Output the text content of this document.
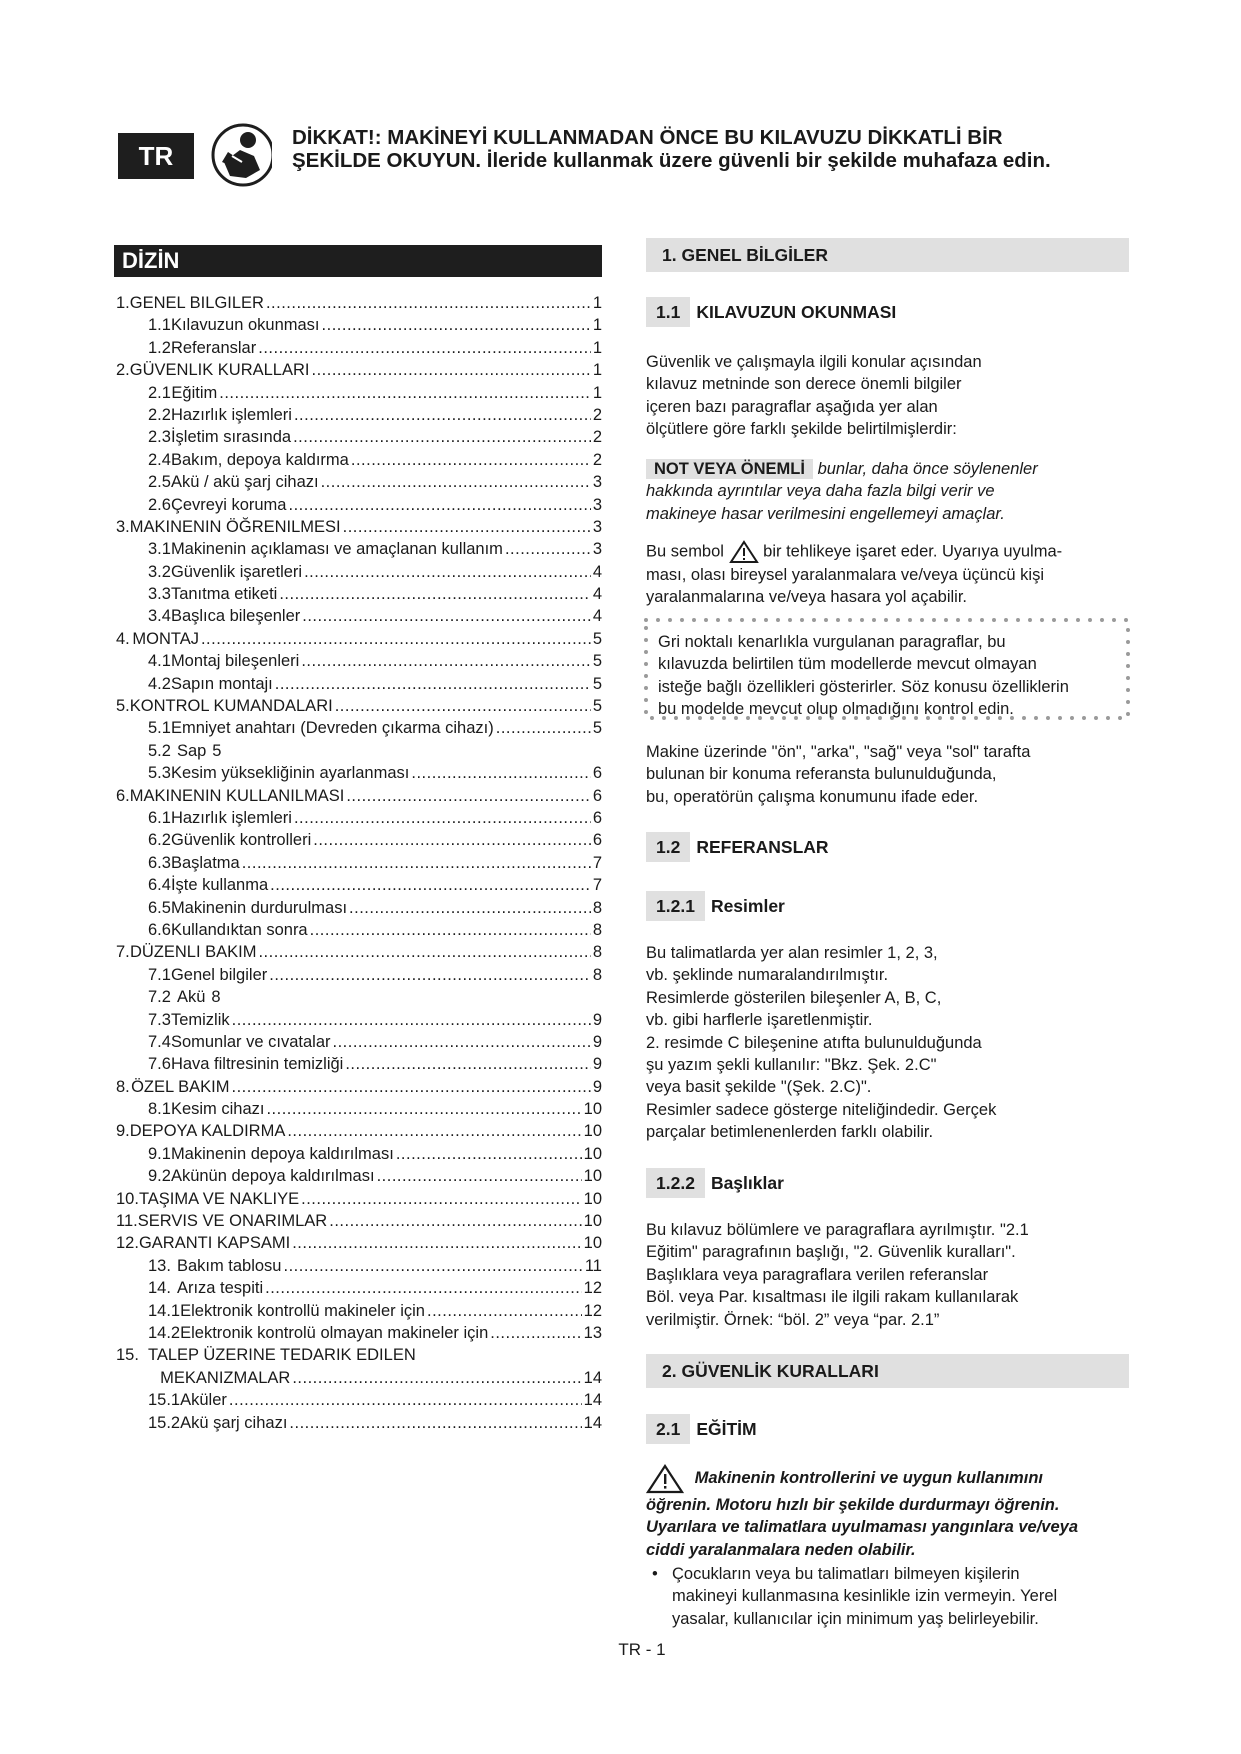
TR
DİKKAT!: MAKİNEYİ KULLANMADAN ÖNCE BU KILAVUZU DİKKATLİ BİR
ŞEKİLDE OKUYUN. İleride kullanmak üzere güvenli bir şekilde muhafaza edin.
DİZİN
1. GENEL BILGILER .....	1
1.1 Kılavuzun okunması .....	1
1.2 Referanslar .....	1
2. GÜVENLIK KURALLARI .....	1
2.1 Eğitim .....	1
2.2 Hazırlık işlemleri .....	2
2.3 İşletim sırasında .....	2
2.4 Bakım, depoya kaldırma .....	2
2.5 Akü / akü şarj cihazı .....	3
2.6 Çevreyi koruma .....	3
3. MAKINENIN ÖĞRENILMESI .....	3
3.1 Makinenin açıklaması ve amaçlanan kullanım .....	3
3.2 Güvenlik işaretleri .....	4
3.3 Tanıtma etiketi .....	4
3.4 Başlıca bileşenler .....	4
4. MONTAJ .....	5
4.1 Montaj bileşenleri .....	5
4.2 Sapın montajı .....	5
5. KONTROL KUMANDALARI .....	5
5.1 Emniyet anahtarı (Devreden çıkarma cihazı) .....	5
5.2 Sap 5
5.3 Kesim yüksekliğinin ayarlanması .....	6
6. MAKINENIN KULLANILMASI .....	6
6.1 Hazırlık işlemleri .....	6
6.2 Güvenlik kontrolleri .....	6
6.3 Başlatma .....	7
6.4 İşte kullanma .....	7
6.5 Makinenin durdurulması .....	8
6.6 Kullandıktan sonra .....	8
7. DÜZENLI BAKIM .....	8
7.1 Genel bilgiler .....	8
7.2 Akü 8
7.3 Temizlik .....	9
7.4 Somunlar ve cıvatalar .....	9
7.6 Hava filtresinin temizliği .....	9
8. ÖZEL BAKIM .....	9
8.1 Kesim cihazı .....	10
9. DEPOYA KALDIRMA .....	10
9.1 Makinenin depoya kaldırılması .....	10
9.2 Akünün depoya kaldırılması .....	10
10. TAŞIMA VE NAKLIYE .....	10
11. SERVIS VE ONARIMLAR .....	10
12. GARANTI KAPSAMI .....	10
13. Bakım tablosu .....	11
14. Arıza tespiti .....	12
14.1 Elektronik kontrollü makineler için .....	12
14.2 Elektronik kontrolü olmayan makineler için .....	13
15. TALEP ÜZERINE TEDARIK EDILEN
MEKANIZMALAR .....	14
15.1 Aküler .....	14
15.2 Akü şarj cihazı .....	14
1. GENEL BİLGİLER
1.1 KILAVUZUN OKUNMASI
Güvenlik ve çalışmayla ilgili konular açısından
kılavuz metninde son derece önemli bilgiler
içeren bazı paragraflar aşağıda yer alan
ölçütlere göre farklı şekilde belirtilmişlerdir:
NOT VEYA ÖNEMLİ bunlar, daha önce söylenenler
hakkında ayrıntılar veya daha fazla bilgi verir ve
makineye hasar verilmesini engellemeyi amaçlar.
Bu sembol bir tehlikeye işaret eder. Uyarıya uyulma-
ması, olası bireysel yaralanmalara ve/veya üçüncü kişi
yaralanmalarına ve/veya hasara yol açabilir.
Gri noktalı kenarlıkla vurgulanan paragraflar, bu
kılavuzda belirtilen tüm modellerde mevcut olmayan
isteğe bağlı özellikleri gösterirler. Söz konusu özelliklerin
bu modelde mevcut olup olmadığını kontrol edin.
Makine üzerinde "ön", "arka", "sağ" veya "sol" tarafta
bulunan bir konuma referansta bulunulduğunda,
bu, operatörün çalışma konumunu ifade eder.
1.2 REFERANSLAR
1.2.1 Resimler
Bu talimatlarda yer alan resimler 1, 2, 3,
vb. şeklinde numaralandırılmıştır.
Resimlerde gösterilen bileşenler A, B, C,
vb. gibi harflerle işaretlenmiştir.
2. resimde C bileşenine atıfta bulunulduğunda
şu yazım şekli kullanılır: "Bkz. Şek. 2.C"
veya basit şekilde "(Şek. 2.C)".
Resimler sadece gösterge niteliğindedir. Gerçek
parçalar betimlenenlerden farklı olabilir.
1.2.2 Başlıklar
Bu kılavuz bölümlere ve paragraflara ayrılmıştır. "2.1
Eğitim" paragrafının başlığı, "2. Güvenlik kuralları".
Başlıklara veya paragraflara verilen referanslar
Böl. veya Par. kısaltması ile ilgili rakam kullanılarak
verilmiştir. Örnek: “böl. 2” veya “par. 2.1”
2. GÜVENLİK KURALLARI
2.1 EĞİTİM
Makinenin kontrollerini ve uygun kullanımını
öğrenin. Motoru hızlı bir şekilde durdurmayı öğrenin.
Uyarılara ve talimatlara uyulmaması yangınlara ve/veya
ciddi yaralanmalara neden olabilir.
• Çocukların veya bu talimatları bilmeyen kişilerin
makineyi kullanmasına kesinlikle izin vermeyin. Yerel
yasalar, kullanıcılar için minimum yaş belirleyebilir.
TR - 1
